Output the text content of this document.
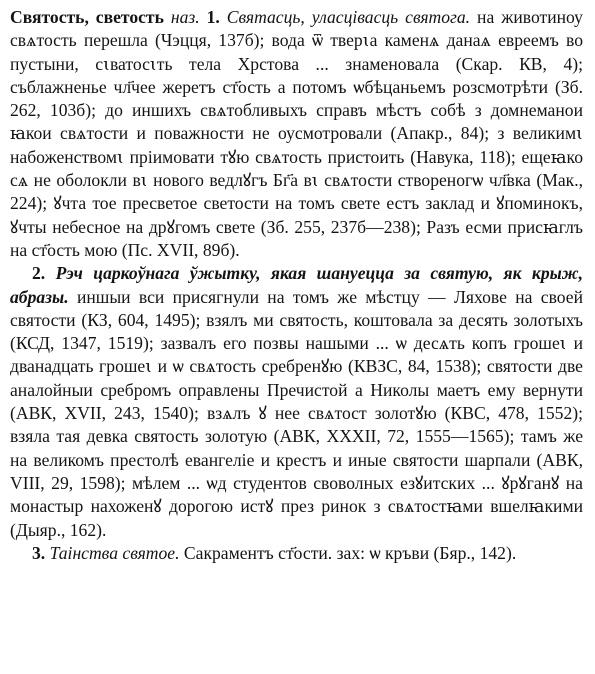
Святость, светость наз. 1. Святасць, уласцівасць святога. на животиноу свѧтость перешла (Чэцця, 137б); вода ѿ тверꙇа каменѧ данаѧ евреемъ во пустыни, сꙇватосꙇть тела Хрстова ... знаменовала (Скар. КВ, 4); съблажненье чл҃чее жеретъ ст҃ость а потомъ ѡбѣцаньемъ розсмотрѣти (Зб. 262, 103б); до иншихъ свѧтобливыхъ справъ мѣстъ собѣ з домнеманои ꙗкои свѧтости и поважности не оусмотровали (Апакр., 84); з великимꙇ набоженствомꙇ прiимовати тꙋю свѧтость пристоить (Навука, 118); ещеꙗко сѧ не оболокли вꙇ нового ведлꙋгъ Бг҃а вꙇ свѧтости створеногѡ чл҃вка (Мак., 224); ꙋчта тое пресветое светости на томъ свете естъ заклад и ꙋпоминокъ, ꙋчты небесное на дрꙋгомъ свете (Зб. 255, 237б—238); Разъ есми присꙗглъ на ст҃ость мою (Пс. XVII, 89б).

2. Рэч царкоўнага ўжытку, якая шануецца за святую, як крыж, абразы. иншыи вси присягнули на томъ же мѣстцу — Ляхове на своей святости (КЗ, 604, 1495); взялъ ми святость, коштовала за десять золотыхъ (КСД, 1347, 1519); зазвалъ его позвы нашыми ... ѡ десѧть копъ грошеꙇ и дванадцать грошеꙇ и ѡ свѧтость сребренꙋю (КВЗС, 84, 1538); святости две аналойныи сребромъ оправлены Пречистой а Николы маетъ ему вернути (АВК, XVII, 243, 1540); взѧлъ ꙋ нее свѧтост золотꙋю (КВС, 478, 1552); взяла тая девка святость золотую (АВК, XXXII, 72, 1555—1565); тамъ же на великомъ престолѣ евангеліе и крестъ и иные святости шарпали (АВК, VIII, 29, 1598); мѣлем ... ѡд студентов своволных езꙋитских ... ꙋрꙋганꙋ на монастыр нахоженꙋ дорогою истꙋ през ринок з свѧтостꙗми вшелꙗкими (Дыяр., 162).

3. Таінства святое. Сакраментъ ст҃ости. зах: ѡ кръви (Бяр., 142).
